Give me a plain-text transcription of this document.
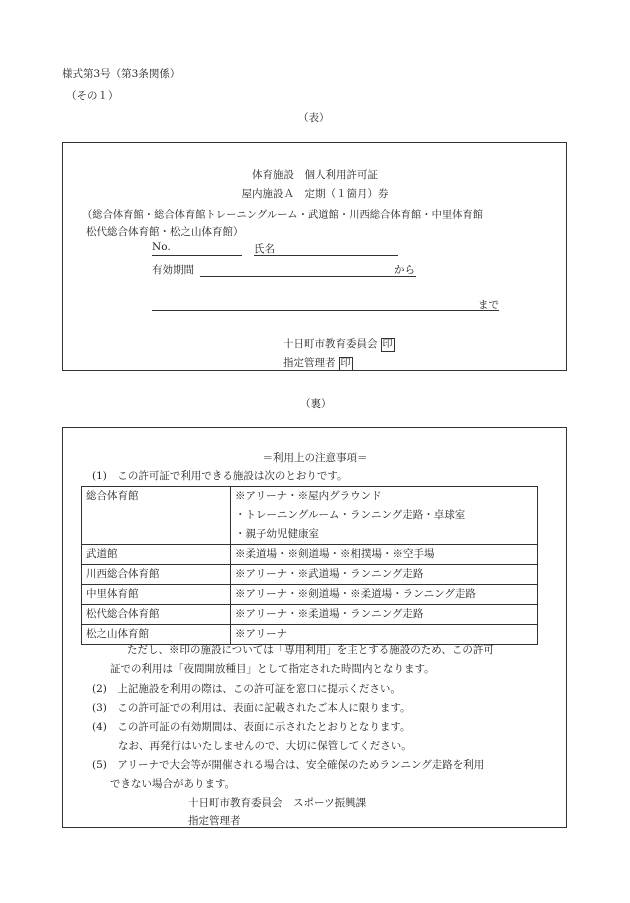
様式第3号（第3条関係）
（その１）
（表）
体育施設　個人利用許可証
屋内施設Ａ　定期（１箇月）券
（総合体育館・総合体育館トレーニングルーム・武道館・川西総合体育館・中里体育館
松代総合体育館・松之山体育館）
No.	氏名
有効期間	から
まで
十日町市教育委員会 印
指定管理者 印
（裏）
＝利用上の注意事項＝
(1)　この許可証で利用できる施設は次のとおりです。
総合体育館	※アリーナ・※屋内グラウンド
・トレーニングルーム・ランニング走路・卓球室
・親子幼児健康室

武道館	※柔道場・※剣道場・※相撲場・※空手場

川西総合体育館	※アリーナ・※武道場・ランニング走路

中里体育館	※アリーナ・※剣道場・※柔道場・ランニング走路

松代総合体育館	※アリーナ・※柔道場・ランニング走路

松之山体育館	※アリーナ
ただし、※印の施設については「専用利用」を主とする施設のため、この許可
証での利用は「夜間開放種目」として指定された時間内となります。
(2)　上記施設を利用の際は、この許可証を窓口に提示ください。
(3)　この許可証での利用は、表面に記載されたご本人に限ります。
(4)　この許可証の有効期間は、表面に示されたとおりとなります。
なお、再発行はいたしませんので、大切に保管してください。
(5)　アリーナで大会等が開催される場合は、安全確保のためランニング走路を利用
できない場合があります。
十日町市教育委員会　スポーツ振興課
指定管理者
